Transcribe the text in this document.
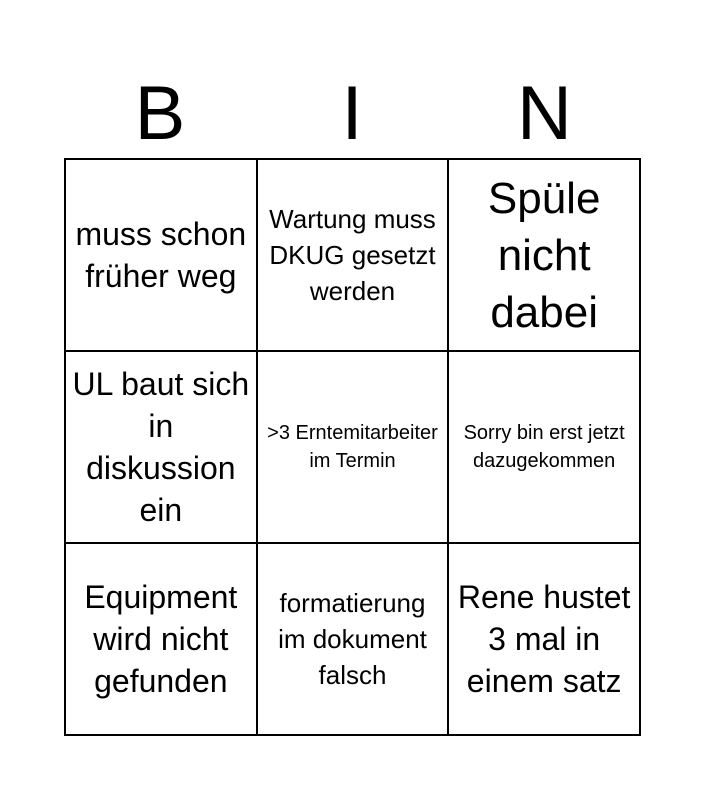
B	I	N
muss schon früher weg
Wartung muss DKUG gesetzt werden
Spüle nicht dabei
UL baut sich in diskussion ein
>3 Erntemitarbeiter im Termin
Sorry bin erst jetzt dazugekommen
Equipment wird nicht gefunden
formatierung im dokument falsch
Rene hustet 3 mal in einem satz
